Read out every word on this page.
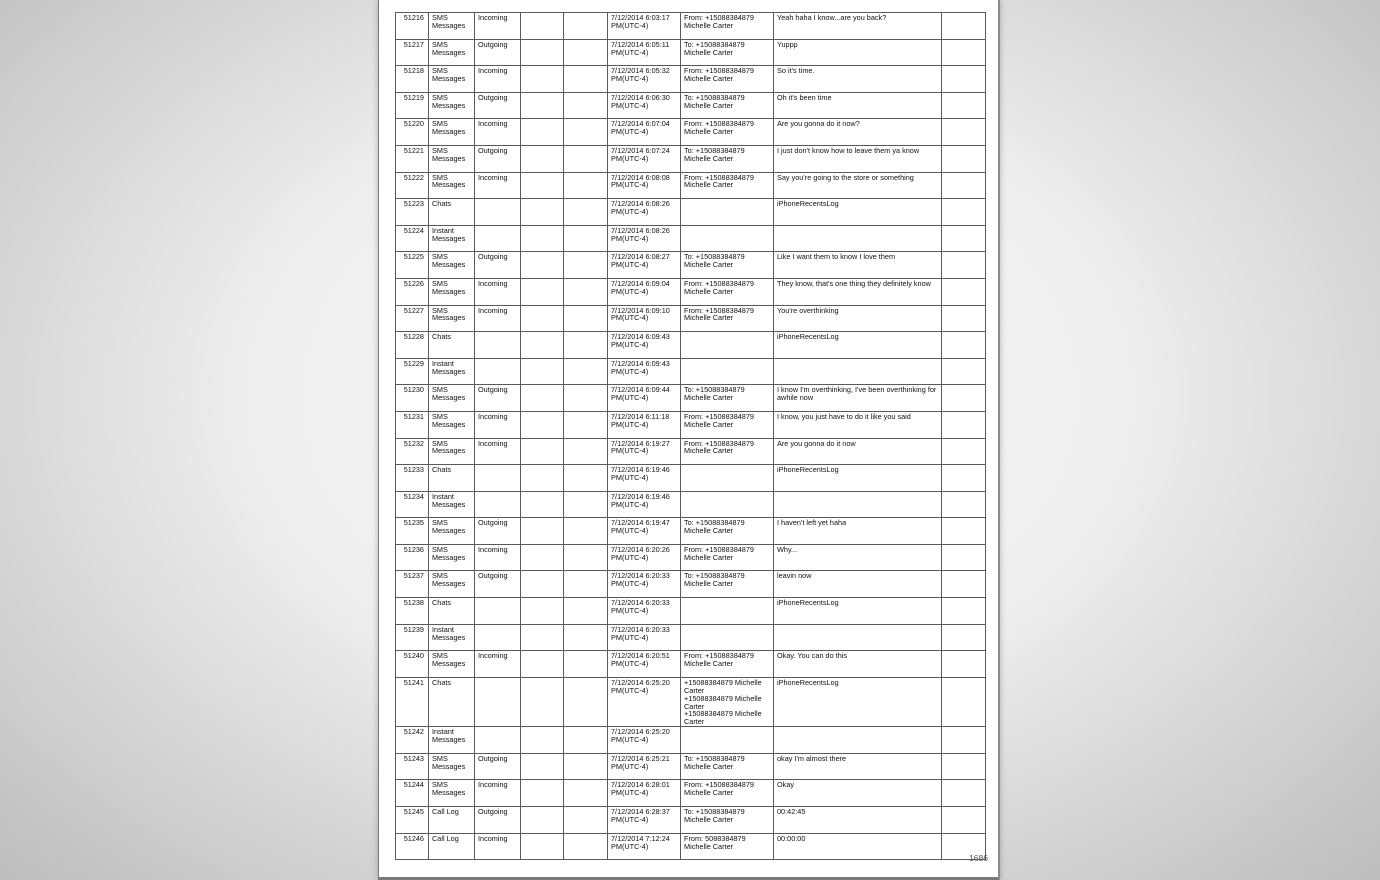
51216	SMS Messages	Incoming			7/12/2014 6:03:17 PM(UTC-4)	From: +15088384879 Michelle Carter	Yeah haha I know...are you back?	
51217	SMS Messages	Outgoing			7/12/2014 6:05:11 PM(UTC-4)	To: +15088384879 Michelle Carter	Yuppp	
51218	SMS Messages	Incoming			7/12/2014 6:05:32 PM(UTC-4)	From: +15088384879 Michelle Carter	So it's time.	
51219	SMS Messages	Outgoing			7/12/2014 6:06:30 PM(UTC-4)	To: +15088384879 Michelle Carter	Oh it's been time	
51220	SMS Messages	Incoming			7/12/2014 6:07:04 PM(UTC-4)	From: +15088384879 Michelle Carter	Are you gonna do it now?	
51221	SMS Messages	Outgoing			7/12/2014 6:07:24 PM(UTC-4)	To: +15088384879 Michelle Carter	I just don't know how to leave them ya know	
51222	SMS Messages	Incoming			7/12/2014 6:08:08 PM(UTC-4)	From: +15088384879 Michelle Carter	Say you're going to the store or something	
51223	Chats				7/12/2014 6:08:26 PM(UTC-4)		iPhoneRecentsLog	
51224	Instant Messages				7/12/2014 6:08:26 PM(UTC-4)			
51225	SMS Messages	Outgoing			7/12/2014 6:08:27 PM(UTC-4)	To: +15088384879 Michelle Carter	Like I want them to know I love them	
51226	SMS Messages	Incoming			7/12/2014 6:09:04 PM(UTC-4)	From: +15088384879 Michelle Carter	They know, that's one thing they definitely know	
51227	SMS Messages	Incoming			7/12/2014 6:09:10 PM(UTC-4)	From: +15088384879 Michelle Carter	You're overthinking	
51228	Chats				7/12/2014 6:09:43 PM(UTC-4)		iPhoneRecentsLog	
51229	Instant Messages				7/12/2014 6:09:43 PM(UTC-4)			
51230	SMS Messages	Outgoing			7/12/2014 6:09:44 PM(UTC-4)	To: +15088384879 Michelle Carter	I know I'm overthinking, I've been overthinking for awhile now	
51231	SMS Messages	Incoming			7/12/2014 6:11:18 PM(UTC-4)	From: +15088384879 Michelle Carter	I know, you just have to do it like you said	
51232	SMS Messages	Incoming			7/12/2014 6:19:27 PM(UTC-4)	From: +15088384879 Michelle Carter	Are you gonna do it now	
51233	Chats				7/12/2014 6:19:46 PM(UTC-4)		iPhoneRecentsLog	
51234	Instant Messages				7/12/2014 6:19:46 PM(UTC-4)			
51235	SMS Messages	Outgoing			7/12/2014 6:19:47 PM(UTC-4)	To: +15088384879 Michelle Carter	I haven't left yet haha	
51236	SMS Messages	Incoming			7/12/2014 6:20:26 PM(UTC-4)	From: +15088384879 Michelle Carter	Why...	
51237	SMS Messages	Outgoing			7/12/2014 6:20:33 PM(UTC-4)	To: +15088384879 Michelle Carter	leavin now	
51238	Chats				7/12/2014 6:20:33 PM(UTC-4)		iPhoneRecentsLog	
51239	Instant Messages				7/12/2014 6:20:33 PM(UTC-4)			
51240	SMS Messages	Incoming			7/12/2014 6:20:51 PM(UTC-4)	From: +15088384879 Michelle Carter	Okay. You can do this	
51241	Chats				7/12/2014 6:25:20 PM(UTC-4)	+15088384879 Michelle Carter
+15088384879 Michelle Carter
+15088384879 Michelle Carter	iPhoneRecentsLog	
51242	Instant Messages				7/12/2014 6:25:20 PM(UTC-4)			
51243	SMS Messages	Outgoing			7/12/2014 6:25:21 PM(UTC-4)	To: +15088384879 Michelle Carter	okay I'm almost there	
51244	SMS Messages	Incoming			7/12/2014 6:28:01 PM(UTC-4)	From: +15088384879 Michelle Carter	Okay	
51245	Call Log	Outgoing			7/12/2014 6:28:37 PM(UTC-4)	To: +15088384879 Michelle Carter	00:42:45	
51246	Call Log	Incoming			7/12/2014 7:12:24 PM(UTC-4)	From: 5088384879 Michelle Carter	00:00:00	
1686
